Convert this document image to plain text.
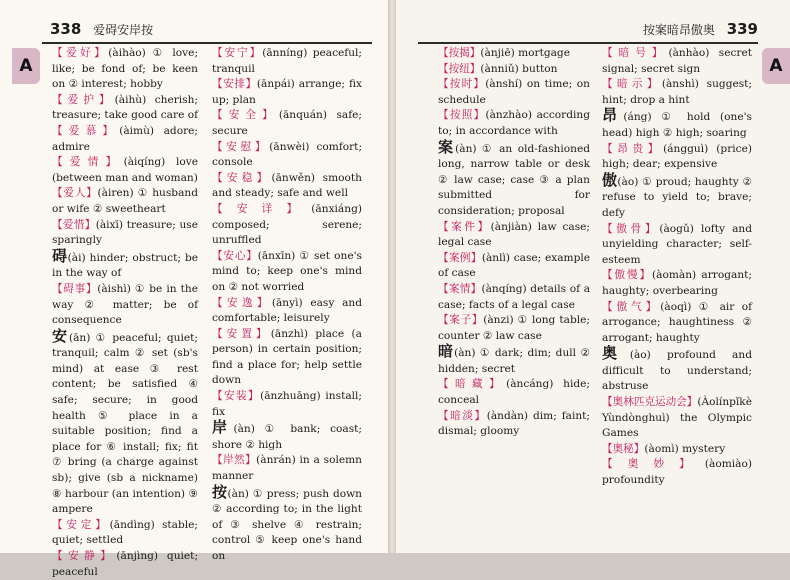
338 爱碍安岸按
A

【爱好】(àihào) ① love; like; be fond of; be keen on ② interest; hobby

【爱护】(àihù) cherish; treasure; take good care of

【爱慕】(àimù) adore; admire

【爱情】(àiqíng) love (between man and woman)

【爱人】(àiren) ① husband or wife ② sweetheart

【爱惜】(àixī) treasure; use sparingly

碍(ài) hinder; obstruct; be in the way of

【碍事】(àishì) ① be in the way ② matter; be of consequence

安(ān) ① peaceful; quiet; tranquil; calm ② set (sb's mind) at ease ③ rest content; be satisfied ④ safe; secure; in good health ⑤ place in a suitable position; find a place for ⑥ install; fix; fit ⑦ bring (a charge against sb); give (sb a nickname) ⑧ harbour (an intention) ⑨ ampere

【安定】(āndìng) stable; quiet; settled

【安静】(ānjìng) quiet; peaceful

【安宁】(ānníng) peaceful; tranquil

【安排】(ānpái) arrange; fix up; plan

【安全】(ānquán) safe; secure

【安慰】(ānwèi) comfort; console

【安稳】(ānwěn) smooth and steady; safe and well

【安详】(ānxiáng) composed; serene; unruffled

【安心】(ānxīn) ① set one's mind to; keep one's mind on ② not worried

【安逸】(ānyì) easy and comfortable; leisurely

【安置】(ānzhì) place (a person) in certain position; find a place for; help settle down

【安装】(ānzhuāng) install; fix

岸(àn) ① bank; coast; shore ② high

【岸然】(ànrán) in a solemn manner

按(àn) ① press; push down ② according to; in the light of ③ shelve ④ restrain; control ⑤ keep one's hand on

按案暗昂傲奥 339
A

【按揭】(ànjiē) mortgage

【按纽】(ànniǔ) button

【按时】(ànshí) on time; on schedule

【按照】(ànzhào) according to; in accordance with

案(àn) ① an old-fashioned long, narrow table or desk ② law case; case ③ a plan submitted for consideration; proposal

【案件】(ànjiàn) law case; legal case

【案例】(ànlì) case; example of case

【案情】(ànqíng) details of a case; facts of a legal case

【案子】(ànzi) ① long table; counter ② law case

暗(àn) ① dark; dim; dull ② hidden; secret

【暗藏】(àncáng) hide; conceal

【暗淡】(àndàn) dim; faint; dismal; gloomy

【暗号】(ànhào) secret signal; secret sign

【暗示】(ànshì) suggest; hint; drop a hint

昂(áng) ① hold (one's head) high ② high; soaring

【昂贵】(ángguì) (price) high; dear; expensive

傲(ào) ① proud; haughty ② refuse to yield to; brave; defy

【傲骨】(àogǔ) lofty and unyielding character; self-esteem

【傲慢】(àomàn) arrogant; haughty; overbearing

【傲气】(àoqì) ① air of arrogance; haughtiness ② arrogant; haughty

奥(ào) profound and difficult to understand; abstruse

【奥林匹克运动会】(Àolínpǐkè Yùndònghuì) the Olympic Games

【奥秘】(àomì) mystery

【奥妙】(àomiào) profoundity
